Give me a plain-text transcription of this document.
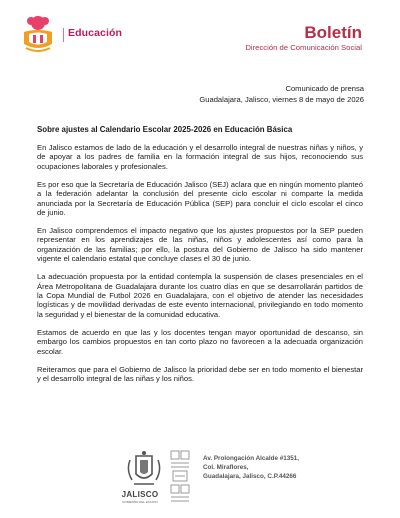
Educación	Boletín
Dirección de Comunicación Social
Comunicado de prensa
Guadalajara, Jalisco, viernes 8 de mayo de 2026

Sobre ajustes al Calendario Escolar 2025-2026 en Educación Básica

En Jalisco estamos de lado de la educación y el desarrollo integral de nuestras niñas y niños, y de apoyar a los padres de familia en la formación integral de sus hijos, reconociendo sus ocupaciones laborales y profesionales.

Es por eso que la Secretaría de Educación Jalisco (SEJ) aclara que en ningún momento planteó a la federación adelantar la conclusión del presente ciclo escolar ni comparte la medida anunciada por la Secretaría de Educación Pública (SEP) para concluir el ciclo escolar el cinco de junio.

En Jalisco comprendemos el impacto negativo que los ajustes propuestos por la SEP pueden representar en los aprendizajes de las niñas, niños y adolescentes así como para la organización de las familias; por ello, la postura del Gobierno de Jalisco ha sido mantener vigente el calendario estatal que concluye clases el 30 de junio.

La adecuación propuesta por la entidad contempla la suspensión de clases presenciales en el Área Metropolitana de Guadalajara durante los cuatro días en que se desarrollarán partidos de la Copa Mundial de Futbol 2026 en Guadalajara, con el objetivo de atender las necesidades logísticas y de movilidad derivadas de este evento internacional, privilegiando en todo momento la seguridad y el bienestar de la comunidad educativa.

Estamos de acuerdo en que las y los docentes tengan mayor oportunidad de descanso, sin embargo los cambios propuestos en tan corto plazo no favorecen a la adecuada organización escolar.

Reiteramos que para el Gobierno de Jalisco la prioridad debe ser en todo momento el bienestar y el desarrollo integral de las niñas y los niños.

JALISCO
GOBIERNO DEL ESTADO
Av. Prolongación Alcalde #1351,
Col. Miraflores,
Guadalajara, Jalisco, C.P.44266
